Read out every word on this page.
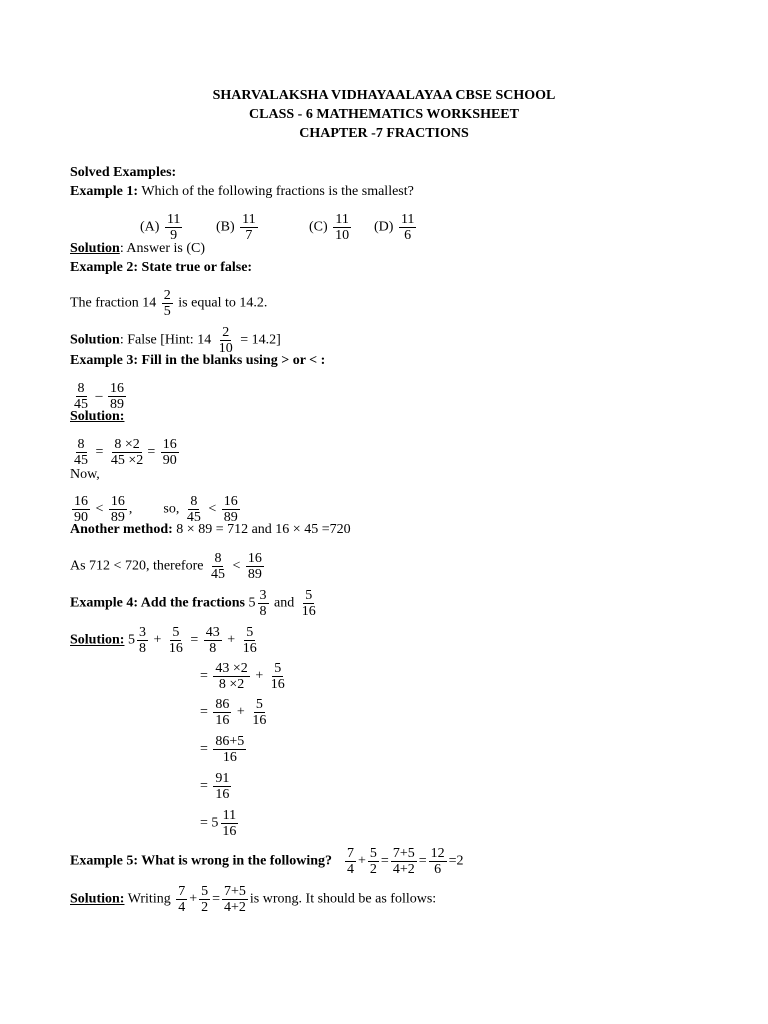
SHARVALAKSHA VIDHAYAALAYAA CBSE SCHOOL
CLASS - 6 MATHEMATICS WORKSHEET
CHAPTER -7 FRACTIONS
Solved Examples:
Example 1: Which of the following fractions is the smallest?
$(A) \frac{11}{9} (B) \frac{11}{7}$	$(C) \frac{11}{10} (D) \frac{11}{6}$
Solution: Answer is (C)
Example 2: State true or false:
The fraction $14 \frac{2}{5}$ is equal to 14.2.
Solution: False [Hint: $14 \frac{2}{10} = 14.2$]
Example 3: Fill in the blanks using > or < :
$\frac{8}{45} - \frac{16}{89}$
Solution:
$\frac{8}{45} = \frac{8 \times 2}{45 \times 2} = \frac{16}{90}$
Now,
$\frac{16}{90} < \frac{16}{89}$ , so, $\frac{8}{45} < \frac{16}{89}$
Another method: 8 × 89 = 712 and 16 × 45 =720
As 712 < 720, therefore $\frac{8}{45} < \frac{16}{89}$
Example 4: Add the fractions $5 \frac{3}{8}$ and $\frac{5}{16}$
Solution: $5 \frac{3}{8} + \frac{5}{16} = \frac{43}{8} + \frac{5}{16}$
= $\frac{43 \times 2}{8 \times 2} + \frac{5}{16}$
= $\frac{86}{16} + \frac{5}{16}$
= $\frac{86+5}{16}$
= $\frac{91}{16}$
= $5 \frac{11}{16}$
Example 5: What is wrong in the following? $\frac{7}{4} + \frac{5}{2} = \frac{7+5}{4+2} = \frac{12}{6} =2$
Solution: Writing $\frac{7}{4} + \frac{5}{2} = \frac{7+5}{4+2}$ is wrong. It should be as follows:
